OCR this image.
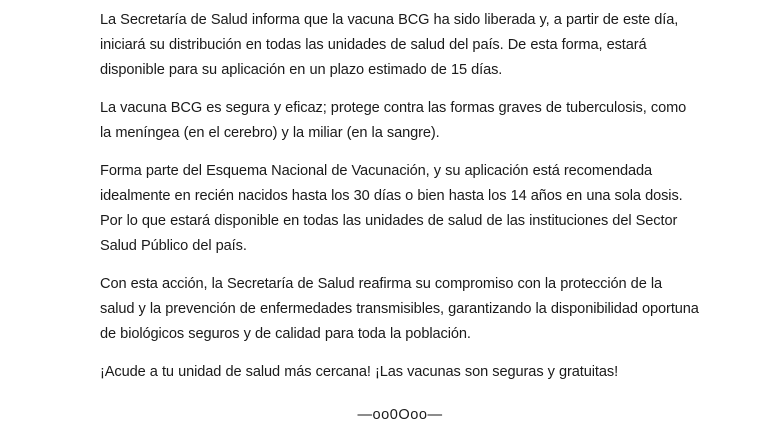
La Secretaría de Salud informa que la vacuna BCG ha sido liberada y, a partir de este día, iniciará su distribución en todas las unidades de salud del país. De esta forma, estará disponible para su aplicación en un plazo estimado de 15 días.

La vacuna BCG es segura y eficaz; protege contra las formas graves de tuberculosis, como la meníngea (en el cerebro) y la miliar (en la sangre).

Forma parte del Esquema Nacional de Vacunación, y su aplicación está recomendada idealmente en recién nacidos hasta los 30 días o bien hasta los 14 años en una sola dosis. Por lo que estará disponible en todas las unidades de salud de las instituciones del Sector Salud Público del país.

Con esta acción, la Secretaría de Salud reafirma su compromiso con la protección de la salud y la prevención de enfermedades transmisibles, garantizando la disponibilidad oportuna de biológicos seguros y de calidad para toda la población.

¡Acude a tu unidad de salud más cercana! ¡Las vacunas son seguras y gratuitas!

—oo0Ooo—
